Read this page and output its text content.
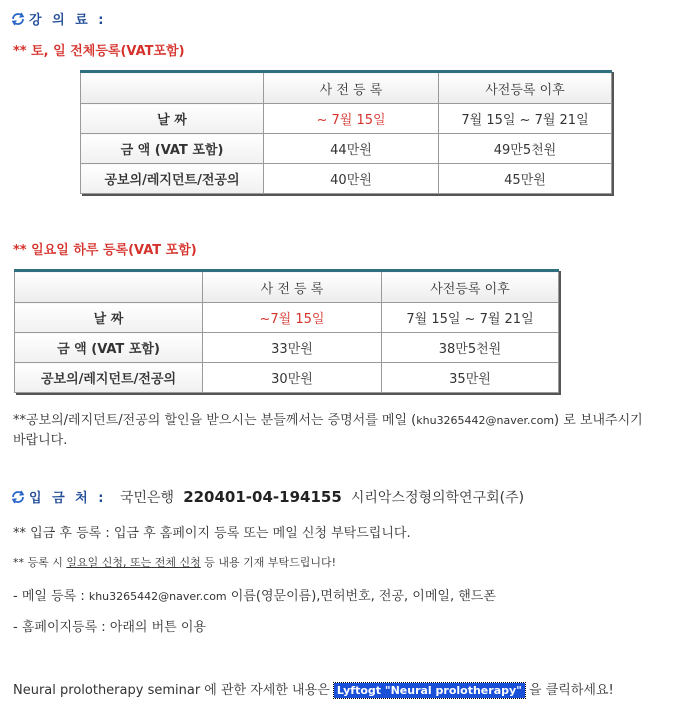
강 의 료 :
** 토, 일 전체등록(VAT포함)
	사 전 등 록	사전등록 이후
날 짜	~ 7월 15일	7월 15일 ~ 7월 21일
금 액 (VAT 포함)	44만원	49만5천원
공보의/레지던트/전공의	40만원	45만원
** 일요일 하루 등록(VAT 포함)
	사 전 등 록	사전등록 이후
날 짜	~7월 15일	7월 15일 ~ 7월 21일
금 액 (VAT 포함)	33만원	38만5천원
공보의/레지던트/전공의	30만원	35만원
**공보의/레지던트/전공의 할인을 받으시는 분들께서는 증명서를 메일 (khu3265442@naver.com) 로 보내주시기
바랍니다.
입 금 처 : 국민은행 220401-04-194155 시리악스정형의학연구회(주)
** 입금 후 등록 : 입금 후 홈페이지 등록 또는 메일 신청 부탁드립니다.
** 등록 시 일요일 신청, 또는 전체 신청 등 내용 기재 부탁드립니다!
- 메일 등록 : khu3265442@naver.com 이름(영문이름),면허번호, 전공, 이메일, 핸드폰
- 홈페이지등록 : 아래의 버튼 이용
Neural prolotherapy seminar 에 관한 자세한 내용은 Lyftogt "Neural prolotherapy" 을 클릭하세요!
